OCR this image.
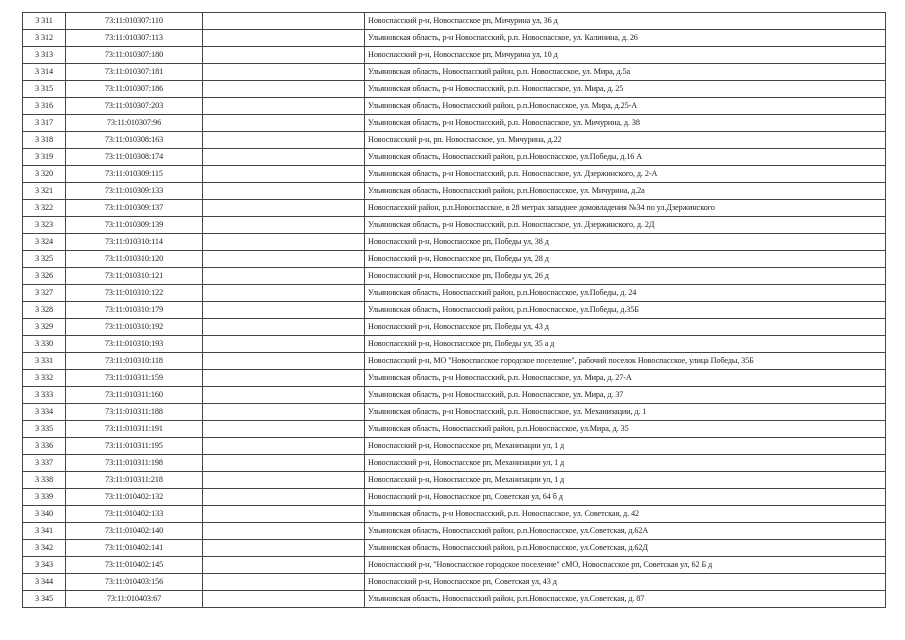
3 311	73:11:010307:110		Новоспасский р-н, Новоспасское рп, Мичурина ул, 36 д
3 312	73:11:010307:113		Ульяновская область, р-н Новоспасский, р.п. Новоспасское, ул. Калинина, д. 26
3 313	73:11:010307:180		Новоспасский р-н, Новоспасское рп, Мичурина ул, 10 д
3 314	73:11:010307:181		Ульяновская область, Новоспасский район, р.п. Новоспасское, ул. Мира, д.5а
3 315	73:11:010307:186		Ульяновская область, р-н Новоспасский, р.п. Новоспасское, ул. Мира, д. 25
3 316	73:11:010307:203		Ульяновская область, Новоспасский район, р.п.Новоспасское, ул. Мира, д.25-А
3 317	73:11:010307:96		Ульяновская область, р-н Новоспасский, р.п. Новоспасское, ул. Мичурина, д. 38
3 318	73:11:010308:163		Новоспасский р-н, рп. Новоспасское, ул. Мичурина, д.22
3 319	73:11:010308:174		Ульяновская область, Новоспасский район, р.п.Новоспасское, ул.Победы, д.16 А
3 320	73:11:010309:115		Ульяновская область, р-н Новоспасский, р.п. Новоспасское, ул. Дзержинского, д. 2-А
3 321	73:11:010309:133		Ульяновская область, Новоспасский район, р.п.Новоспасское, ул. Мичурина, д.2а
3 322	73:11:010309:137		Новоспасский район, р.п.Новоспасское, в 28 метрах западнее домовладения №34 по ул.Дзержинского
3 323	73:11:010309:139		Ульяновская область, р-н Новоспасский, р.п. Новоспасское, ул. Дзержинского, д. 2Д
3 324	73:11:010310:114		Новоспасский р-н, Новоспасское рп, Победы ул, 38 д
3 325	73:11:010310:120		Новоспасский р-н, Новоспасское рп, Победы ул, 28 д
3 326	73:11:010310:121		Новоспасский р-н, Новоспасское рп, Победы ул, 26 д
3 327	73:11:010310:122		Ульяновская область, Новоспасский район, р.п.Новоспасское, ул.Победы, д. 24
3 328	73:11:010310:179		Ульяновская область, Новоспасский район, р.п.Новоспасское, ул.Победы, д.35Б
3 329	73:11:010310:192		Новоспасский р-н, Новоспасское рп, Победы ул, 43 д
3 330	73:11:010310:193		Новоспасский р-н, Новоспасское рп, Победы ул, 35 а д
3 331	73:11:010310:118		Новоспасский р-н, МО "Новоспасское городское поселение", рабочий поселок Новоспасское, улица Победы, 35Б
3 332	73:11:010311:159		Ульяновская область, р-н Новоспасский, р.п. Новоспасское, ул. Мира, д. 27-А
3 333	73:11:010311:160		Ульяновская область, р-н Новоспасский, р.п. Новоспасское, ул. Мира, д. 37
3 334	73:11:010311:188		Ульяновская область, р-н Новоспасский, р.п. Новоспасское, ул. Механизации, д. 1
3 335	73:11:010311:191		Ульяновская область, Новоспасский район, р.п.Новоспасское, ул.Мира, д. 35
3 336	73:11:010311:195		Новоспасский р-н, Новоспасское рп, Механизации ул, 1 д
3 337	73:11:010311:198		Новоспасский р-н, Новоспасское рп, Механизации ул, 1 д
3 338	73:11:010311:218		Новоспасский р-н, Новоспасское рп, Механизации ул, 1 д
3 339	73:11:010402:132		Новоспасский р-н, Новоспасское рп, Советская ул, 64 б д
3 340	73:11:010402:133		Ульяновская область, р-н Новоспасский, р.п. Новоспасское, ул. Советская, д. 42
3 341	73:11:010402:140		Ульяновская область, Новоспасский район, р.п.Новоспасское, ул.Советская, д.62А
3 342	73:11:010402:141		Ульяновская область, Новоспасский район, р.п.Новоспасское, ул.Советская, д.62Д
3 343	73:11:010402:145		Новоспасский р-н, "Новоспасское городское поселение" сMO, Новоспасское рп, Советская ул, 62 Б д
3 344	73:11:010403:156		Новоспасский р-н, Новоспасское рп, Советская ул, 43 д
3 345	73:11:010403:67		Ульяновская область, Новоспасский район, р.п.Новоспасское, ул.Советская, д. 87
